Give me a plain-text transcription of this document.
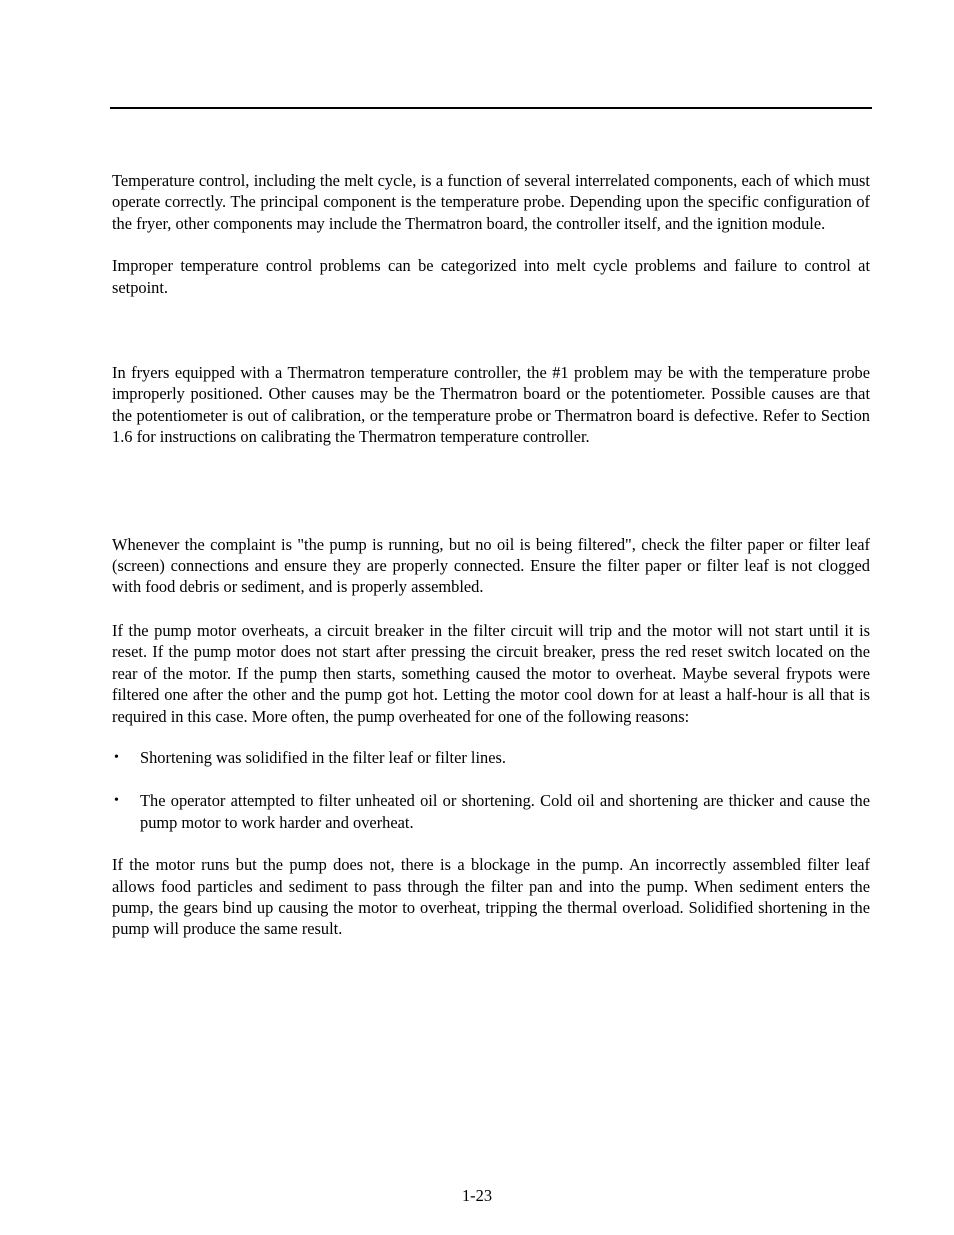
Temperature control, including the melt cycle, is a function of several interrelated components, each of which must operate correctly. The principal component is the temperature probe. Depending upon the specific configuration of the fryer, other components may include the Thermatron board, the controller itself, and the ignition module.

Improper temperature control problems can be categorized into melt cycle problems and failure to control at setpoint.

In fryers equipped with a Thermatron temperature controller, the #1 problem may be with the temperature probe improperly positioned. Other causes may be the Thermatron board or the potentiometer. Possible causes are that the potentiometer is out of calibration, or the temperature probe or Thermatron board is defective. Refer to Section 1.6 for instructions on calibrating the Thermatron temperature controller.

Whenever the complaint is "the pump is running, but no oil is being filtered", check the filter paper or filter leaf (screen) connections and ensure they are properly connected. Ensure the filter paper or filter leaf is not clogged with food debris or sediment, and is properly assembled.

If the pump motor overheats, a circuit breaker in the filter circuit will trip and the motor will not start until it is reset. If the pump motor does not start after pressing the circuit breaker, press the red reset switch located on the rear of the motor. If the pump then starts, something caused the motor to overheat. Maybe several frypots were filtered one after the other and the pump got hot. Letting the motor cool down for at least a half-hour is all that is required in this case. More often, the pump overheated for one of the following reasons:

• Shortening was solidified in the filter leaf or filter lines.
• The operator attempted to filter unheated oil or shortening. Cold oil and shortening are thicker and cause the pump motor to work harder and overheat.

If the motor runs but the pump does not, there is a blockage in the pump. An incorrectly assembled filter leaf allows food particles and sediment to pass through the filter pan and into the pump. When sediment enters the pump, the gears bind up causing the motor to overheat, tripping the thermal overload. Solidified shortening in the pump will produce the same result.

1-23
